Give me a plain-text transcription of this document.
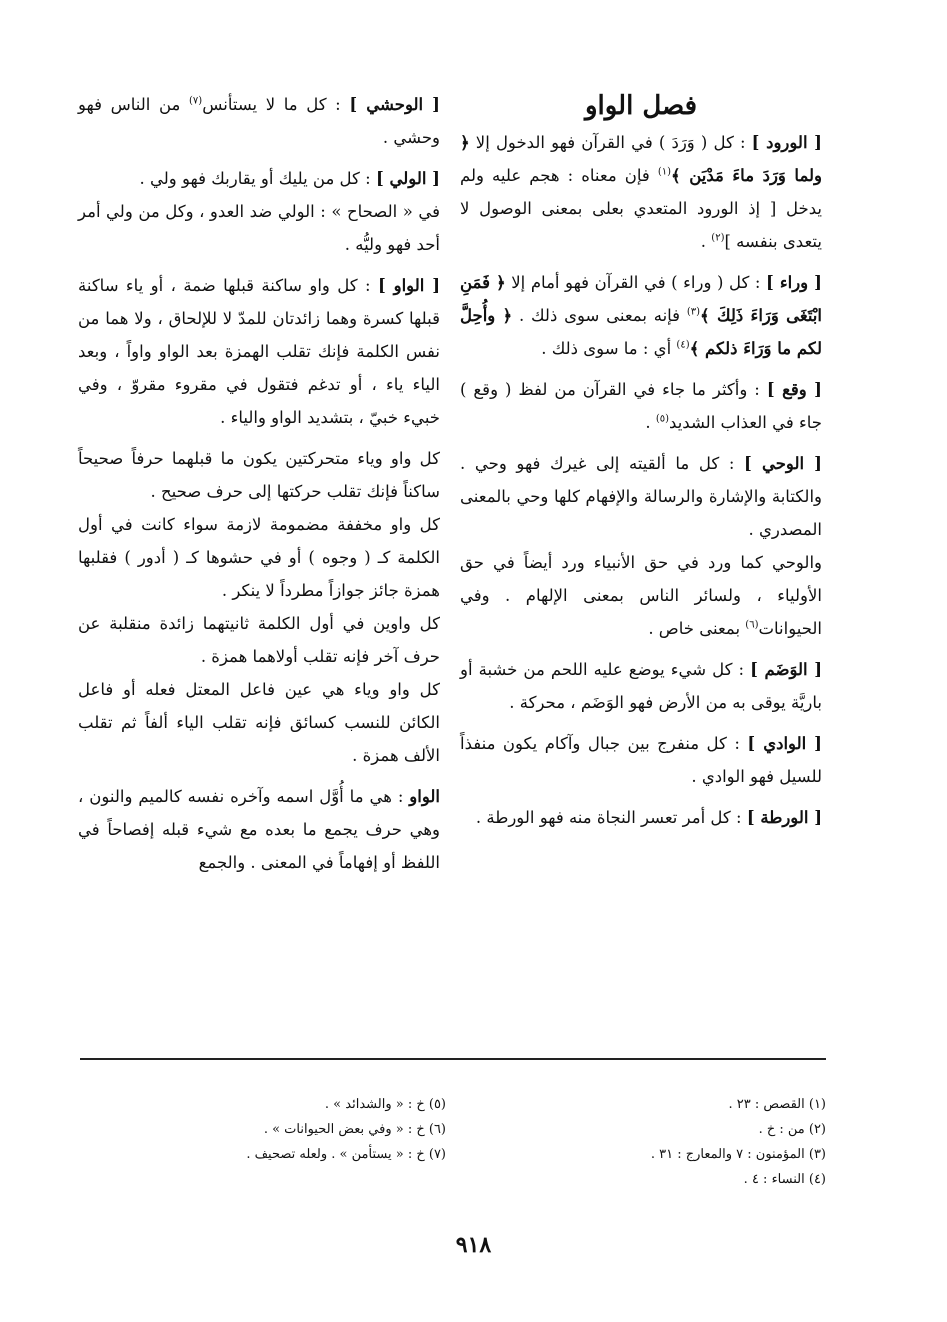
فصل الواو

[ الورود ] : كل ( وَرَدَ ) في القرآن فهو الدخول إلا ﴿ ولما وَرَدَ ماءَ مَدْيَن ﴾$^{(١)}$ فإن معناه : هجم عليه ولم يدخل [ إذ الورود المتعدي بعلى بمعنى الوصول لا يتعدى بنفسه ]$^{(٢)}$ .

[ وراء ] : كل ( وراء ) في القرآن فهو أمام إلا ﴿ فَمَنِ ابْتَغَى وَرَاءَ ذَلِكَ ﴾$^{(٣)}$ فإنه بمعنى سوى ذلك . ﴿ وأُحِلَّ لكم ما وَرَاءَ ذلكم ﴾$^{(٤)}$ أي : ما سوى ذلك .

[ وقع ] : وأكثر ما جاء في القرآن من لفظ ( وقع ) جاء في العذاب الشديد$^{(٥)}$ .

[ الوحي ] : كل ما ألقيته إلى غيرك فهو وحي . والكتابة والإشارة والرسالة والإفهام كلها وحي بالمعنى المصدري .

والوحي كما ورد في حق الأنبياء ورد أيضاً في حق الأولياء ، ولسائر الناس بمعنى الإلهام . وفي الحيوانات$^{(٦)}$ بمعنى خاص .

[ الوَضَم ] : كل شيء يوضع عليه اللحم من خشبة أو باريَّة يوقى به من الأرض فهو الوَضَم ، محركة .

[ الوادي ] : كل منفرج بين جبال وآكام يكون منفذاً للسيل فهو الوادي .

[ الورطة ] : كل أمر تعسر النجاة منه فهو الورطة .

[ الوحشي ] : كل ما لا يستأنس$^{(٧)}$ من الناس فهو وحشي .

[ الولي ] : كل من يليك أو يقاربك فهو ولي .

في « الصحاح » : الولي ضد العدو ، وكل من ولي أمر أحد فهو وليُّه .

[ الواو ] : كل واو ساكنة قبلها ضمة ، أو ياء ساكنة قبلها كسرة وهما زائدتان للمدّ لا للإلحاق ، ولا هما من نفس الكلمة فإنك تقلب الهمزة بعد الواو واواً ، وبعد الياء ياء ، أو تدغم فتقول في مقروء مقروّ ، وفي خبيء خبيّ ، بتشديد الواو والياء .

كل واو وياء متحركتين يكون ما قبلهما حرفاً صحيحاً ساكناً فإنك تقلب حركتها إلى حرف صحيح .

كل واو مخففة مضمومة لازمة سواء كانت في أول الكلمة كـ ( وجوه ) أو في حشوها كـ ( أدور ) فقلبها همزة جائز جوازاً مطرداً لا ينكر .

كل واوين في أول الكلمة ثانيتهما زائدة منقلبة عن حرف آخر فإنه تقلب أولاهما همزة .

كل واو وياء هي عين فاعل المعتل فعله أو فاعل الكائن للنسب كسائق فإنه تقلب الياء ألفاً ثم تقلب الألف همزة .

الواو : هي ما أُوَّل اسمه وآخره نفسه كالميم والنون ، وهي حرف يجمع ما بعده مع شيء قبله إفصاحاً في اللفظ أو إفهاماً في المعنى . والجمع

(١) القصص : ٢٣ .
(٢) من : خ .
(٣) المؤمنون : ٧ والمعارج : ٣١ .
(٤) النساء : ٤ .
(٥) خ : « والشدائد » .
(٦) خ : « وفي بعض الحيوانات » .
(٧) خ : « يستأمن » . ولعله تصحيف .
٩١٨
